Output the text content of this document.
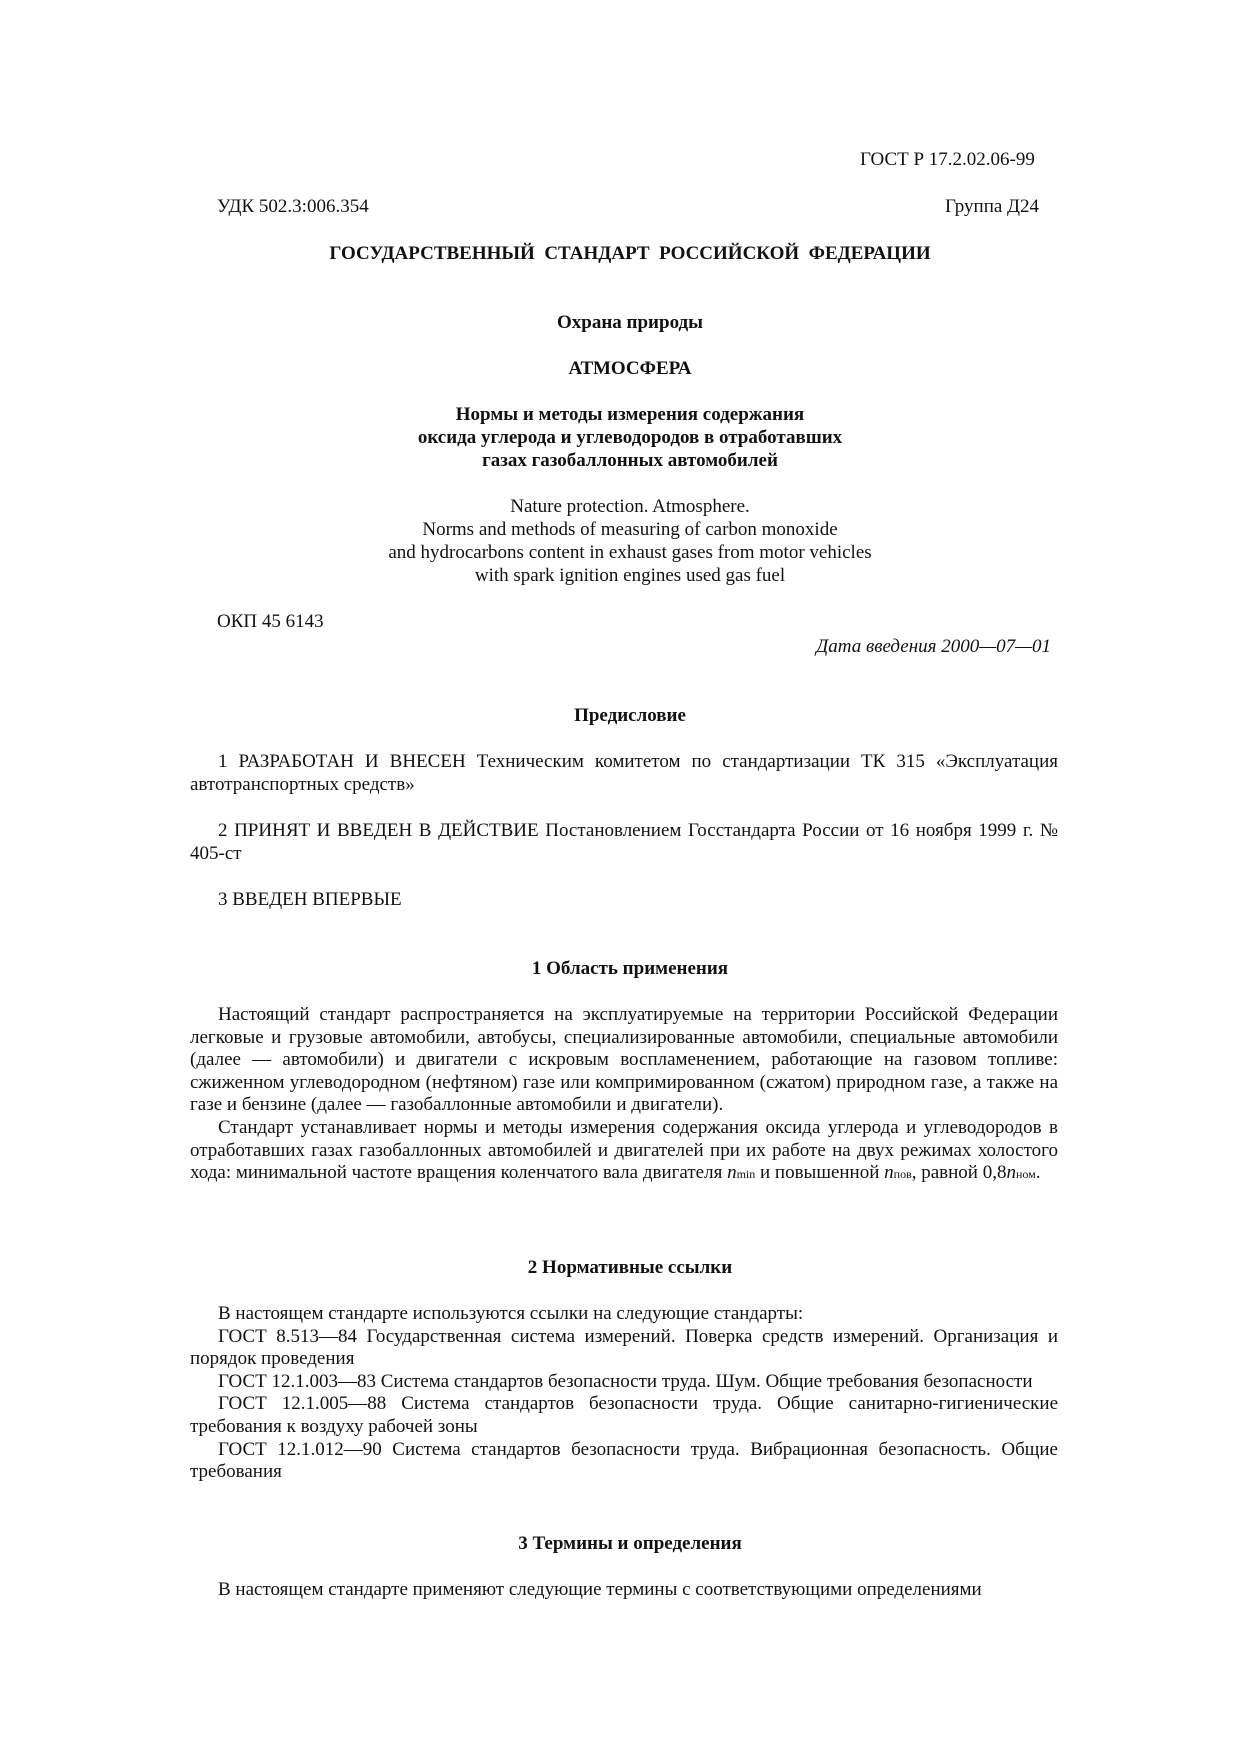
ГОСТ Р 17.2.02.06-99
УДК 502.3:006.354	Группа Д24
ГОСУДАРСТВЕННЫЙ  СТАНДАРТ  РОССИЙСКОЙ  ФЕДЕРАЦИИ
Охрана природы
АТМОСФЕРА
Нормы и методы измерения содержания
оксида углерода и углеводородов в отработавших
газах газобаллонных автомобилей
Nature protection. Atmosphere.
Norms and methods of measuring of carbon monoxide
and hydrocarbons content in exhaust gases from motor vehicles
with spark ignition engines used gas fuel
ОКП 45 6143
Дата введения 2000—07—01
Предисловие

1 РАЗРАБОТАН И ВНЕСЕН Техническим комитетом по стандартизации ТК 315 «Эксплуатация автотранспортных средств»

2 ПРИНЯТ И ВВЕДЕН В ДЕЙСТВИЕ Постановлением Госстандарта России от 16 ноября 1999 г. № 405-ст

3 ВВЕДЕН ВПЕРВЫЕ

1 Область применения

Настоящий стандарт распространяется на эксплуатируемые на территории Российской Федерации легковые и грузовые автомобили, автобусы, специализированные автомобили, специальные автомобили (далее — автомобили) и двигатели с искровым воспламенением, работающие на газовом топливе: сжиженном углеводородном (нефтяном) газе или компримированном (сжатом) природном газе, а также на газе и бензине (далее — газобаллонные автомобили и двигатели).

Стандарт устанавливает нормы и методы измерения содержания оксида углерода и углеводородов в отработавших газах газобаллонных автомобилей и двигателей при их работе на двух режимах холостого хода: минимальной частоте вращения коленчатого вала двигателя nmin и повышенной nпов, равной 0,8nном.

2 Нормативные ссылки

В настоящем стандарте используются ссылки на следующие стандарты:

ГОСТ 8.513—84 Государственная система измерений. Поверка средств измерений. Организация и порядок проведения

ГОСТ 12.1.003—83 Система стандартов безопасности труда. Шум. Общие требования безопасности

ГОСТ 12.1.005—88 Система стандартов безопасности труда. Общие санитарно-гигиенические требования к воздуху рабочей зоны

ГОСТ 12.1.012—90 Система стандартов безопасности труда. Вибрационная безопасность. Общие требования

3 Термины и определения

В настоящем стандарте применяют следующие термины с соответствующими определениями
